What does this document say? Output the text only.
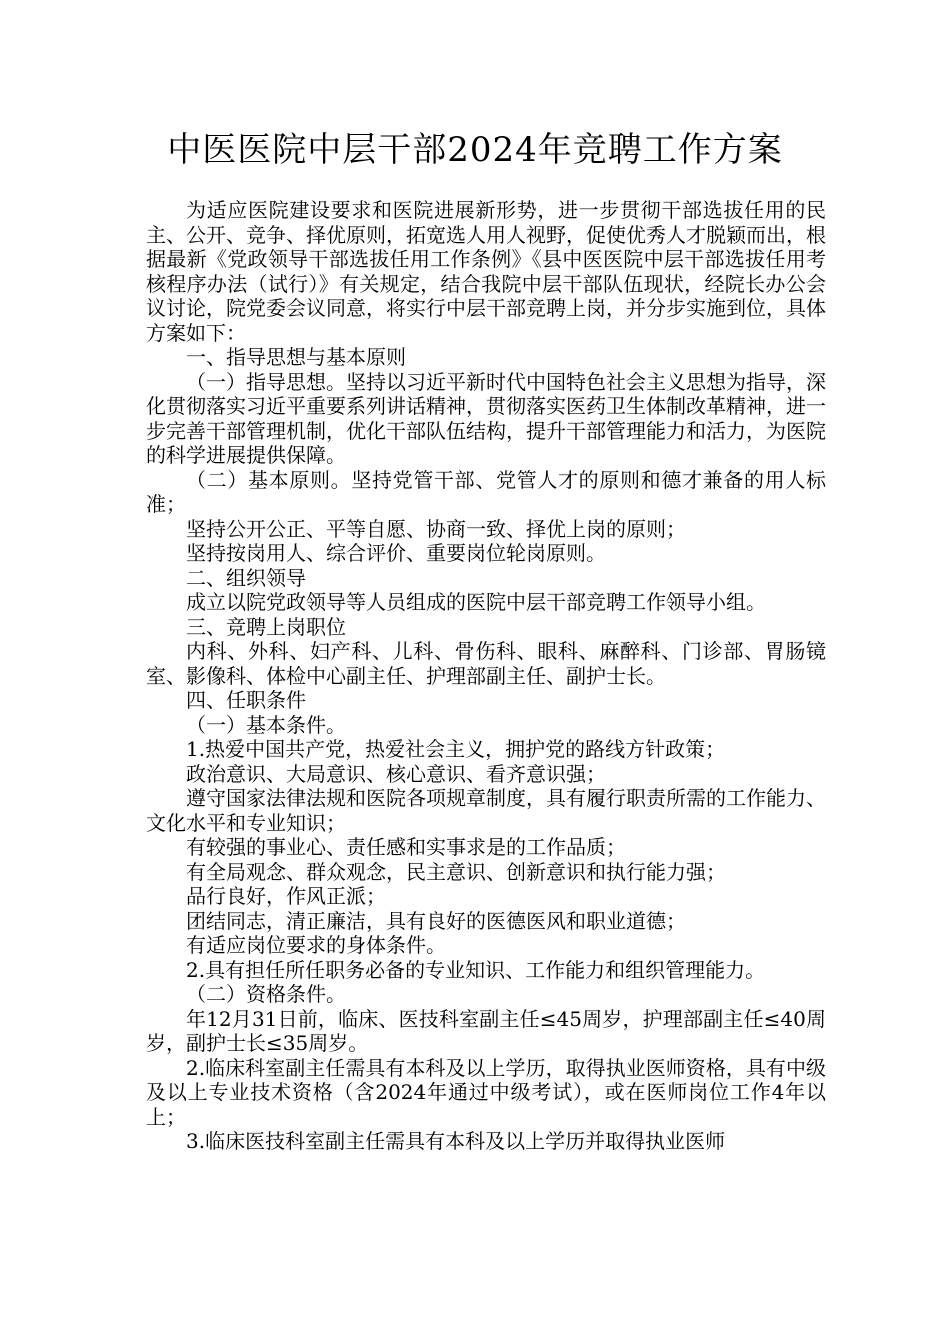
中医医院中层干部2024年竞聘工作方案

为适应医院建设要求和医院进展新形势，进一步贯彻干部选拔任用的民主、公开、竞争、择优原则，拓宽选人用人视野，促使优秀人才脱颖而出，根据最新《党政领导干部选拔任用工作条例》《县中医医院中层干部选拔任用考核程序办法（试行）》有关规定，结合我院中层干部队伍现状，经院长办公会议讨论，院党委会议同意，将实行中层干部竞聘上岗，并分步实施到位，具体方案如下：

一、指导思想与基本原则

（一）指导思想。坚持以习近平新时代中国特色社会主义思想为指导，深化贯彻落实习近平重要系列讲话精神，贯彻落实医药卫生体制改革精神，进一步完善干部管理机制，优化干部队伍结构，提升干部管理能力和活力，为医院的科学进展提供保障。

（二）基本原则。坚持党管干部、党管人才的原则和德才兼备的用人标准；

坚持公开公正、平等自愿、协商一致、择优上岗的原则；

坚持按岗用人、综合评价、重要岗位轮岗原则。

二、组织领导

成立以院党政领导等人员组成的医院中层干部竞聘工作领导小组。

三、竞聘上岗职位

内科、外科、妇产科、儿科、骨伤科、眼科、麻醉科、门诊部、胃肠镜室、影像科、体检中心副主任、护理部副主任、副护士长。

四、任职条件

（一）基本条件。

1.热爱中国共产党，热爱社会主义，拥护党的路线方针政策；

政治意识、大局意识、核心意识、看齐意识强；

遵守国家法律法规和医院各项规章制度，具有履行职责所需的工作能力、文化水平和专业知识；

有较强的事业心、责任感和实事求是的工作品质；

有全局观念、群众观念，民主意识、创新意识和执行能力强；

品行良好，作风正派；

团结同志，清正廉洁，具有良好的医德医风和职业道德；

有适应岗位要求的身体条件。

2.具有担任所任职务必备的专业知识、工作能力和组织管理能力。

（二）资格条件。

年12月31日前，临床、医技科室副主任≤45周岁，护理部副主任≤40周岁，副护士长≤35周岁。

2.临床科室副主任需具有本科及以上学历，取得执业医师资格，具有中级及以上专业技术资格（含2024年通过中级考试），或在医师岗位工作4年以上；

3.临床医技科室副主任需具有本科及以上学历并取得执业医师
